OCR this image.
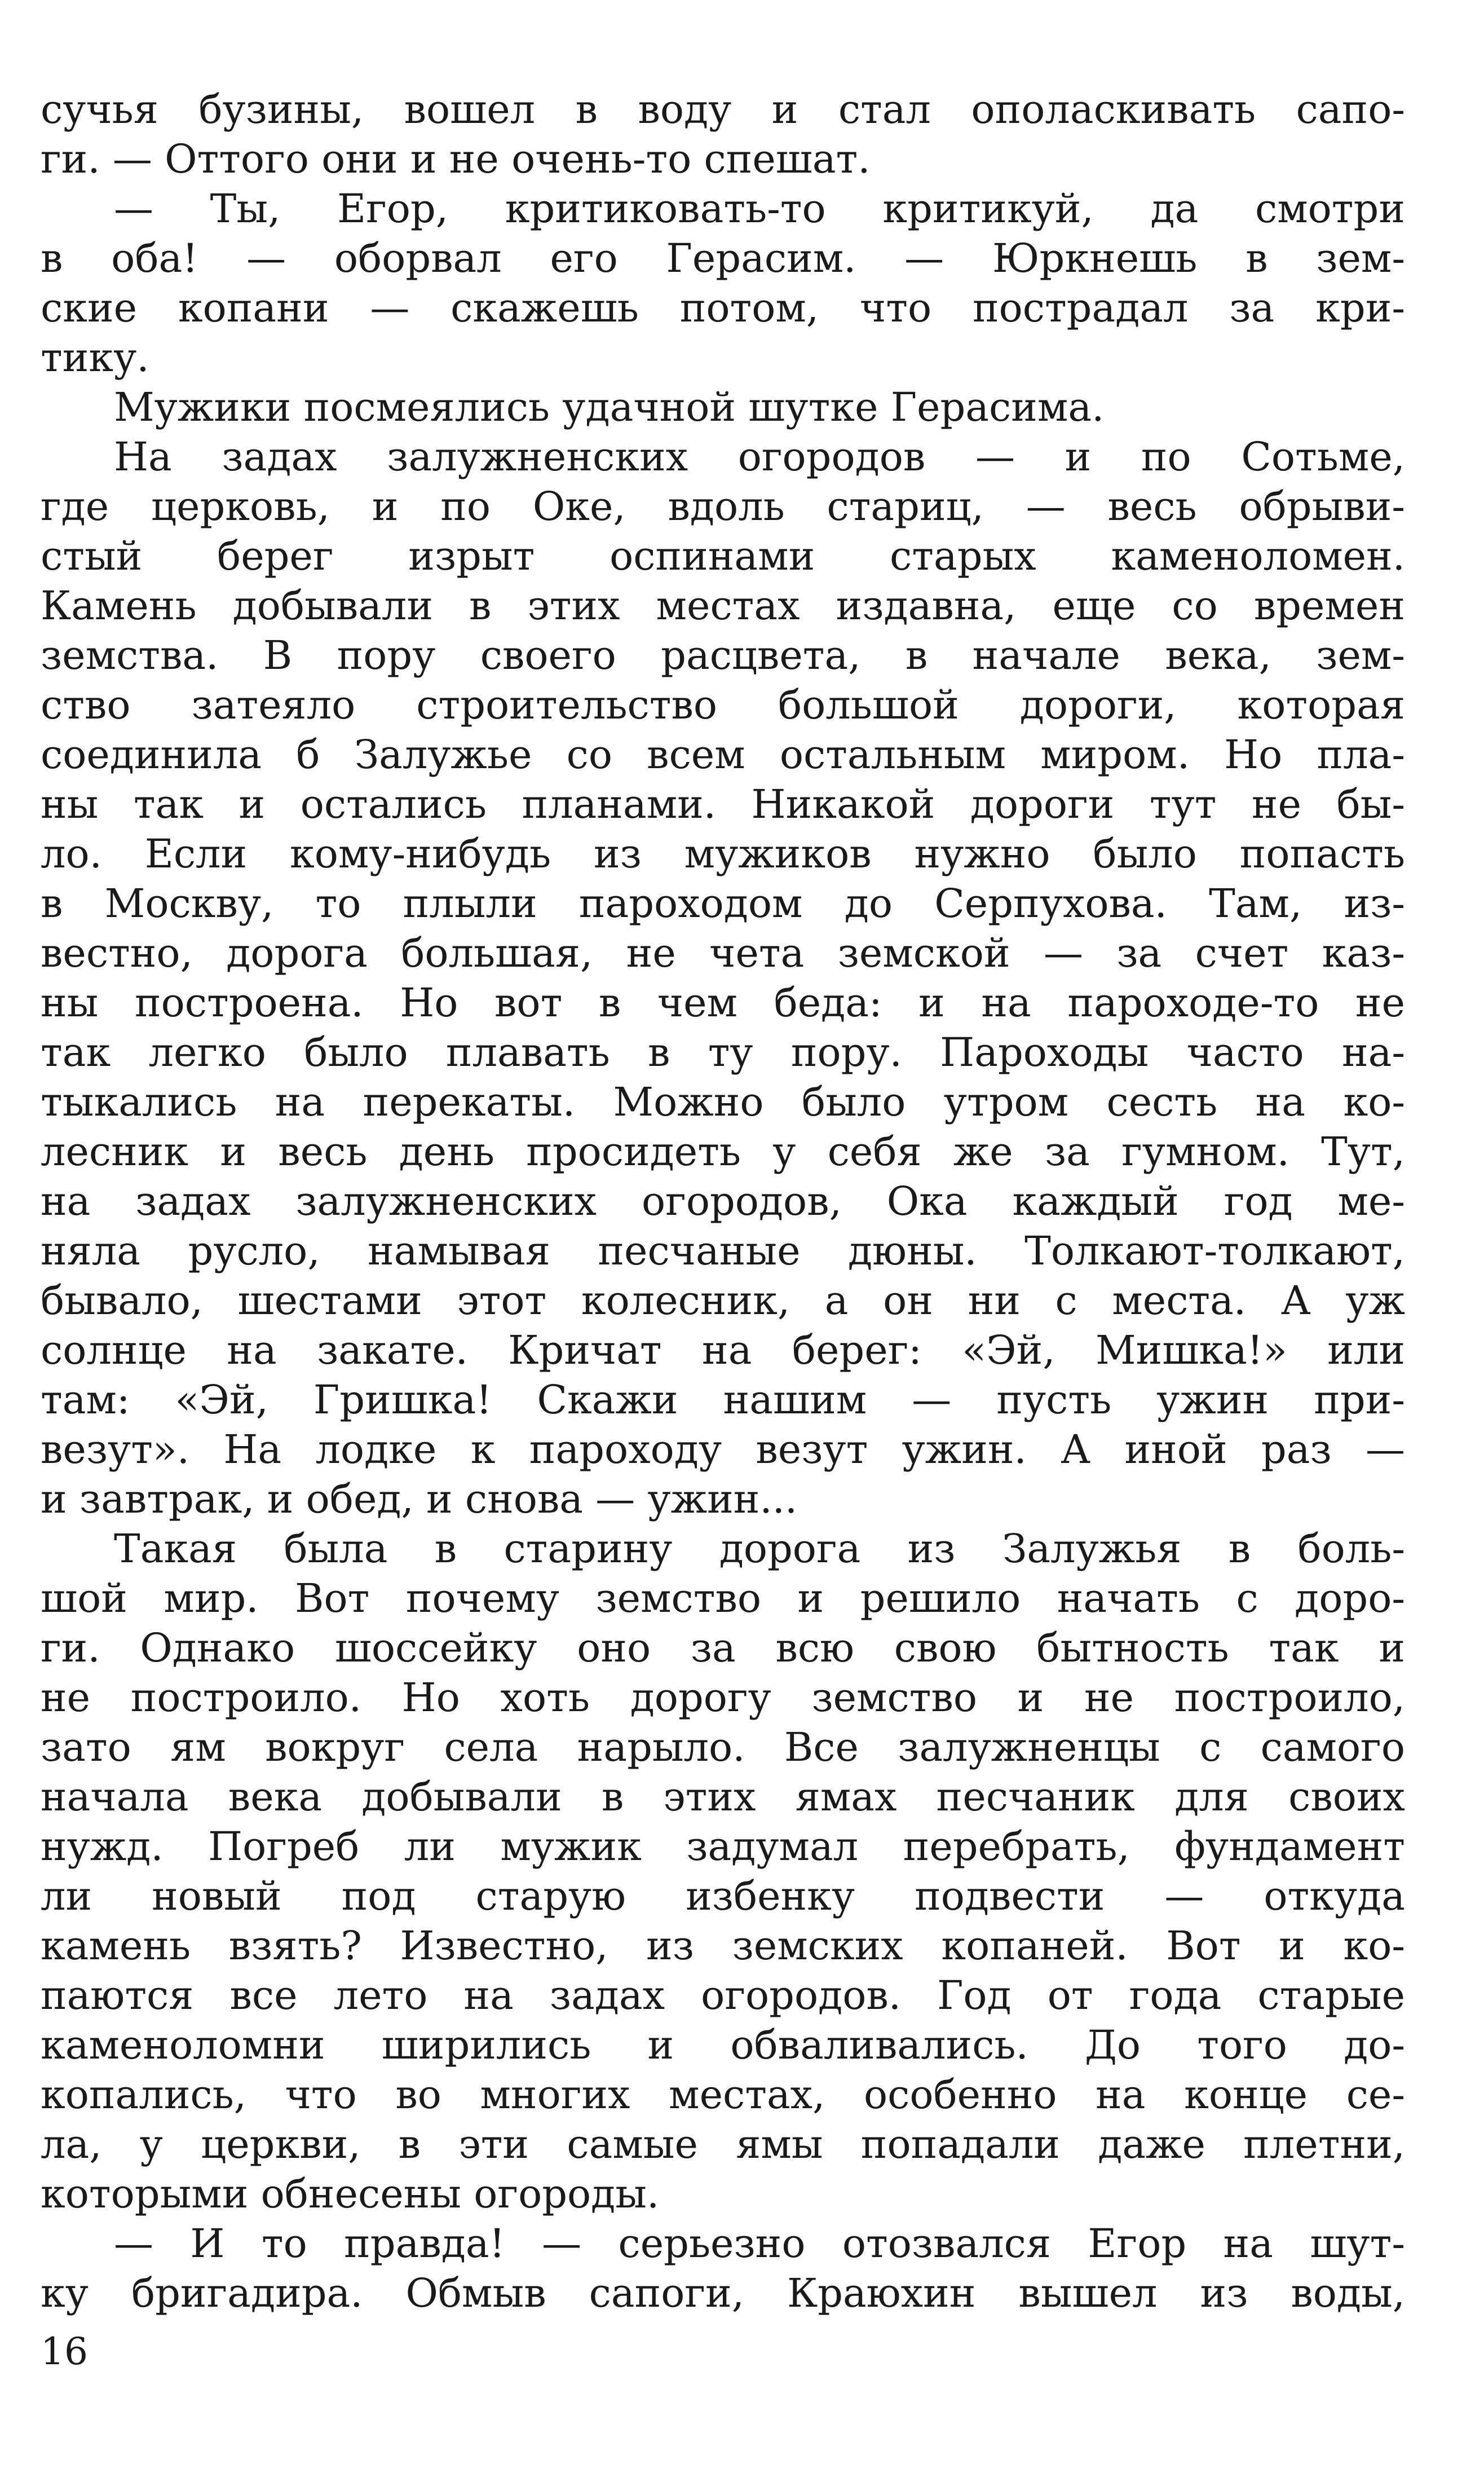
сучья бузины, вошел в воду и стал ополаскивать сапо-
ги. — Оттого они и не очень-то спешат.
— Ты, Егор, критиковать-то критикуй, да смотри
в оба! — оборвал его Герасим. — Юркнешь в зем-
ские копани — скажешь потом, что пострадал за кри-
тику.
Мужики посмеялись удачной шутке Герасима.
На задах залужненских огородов — и по Сотьме,
где церковь, и по Оке, вдоль стариц, — весь обрыви-
стый берег изрыт оспинами старых каменоломен.
Камень добывали в этих местах издавна, еще со времен
земства. В пору своего расцвета, в начале века, зем-
ство затеяло строительство большой дороги, которая
соединила б Залужье со всем остальным миром. Но пла-
ны так и остались планами. Никакой дороги тут не бы-
ло. Если кому-нибудь из мужиков нужно было попасть
в Москву, то плыли пароходом до Серпухова. Там, из-
вестно, дорога большая, не чета земской — за счет каз-
ны построена. Но вот в чем беда: и на пароходе-то не
так легко было плавать в ту пору. Пароходы часто на-
тыкались на перекаты. Можно было утром сесть на ко-
лесник и весь день просидеть у себя же за гумном. Тут,
на задах залужненских огородов, Ока каждый год ме-
няла русло, намывая песчаные дюны. Толкают-толкают,
бывало, шестами этот колесник, а он ни с места. А уж
солнце на закате. Кричат на берег: «Эй, Мишка!» или
там: «Эй, Гришка! Скажи нашим — пусть ужин при-
везут». На лодке к пароходу везут ужин. А иной раз —
и завтрак, и обед, и снова — ужин...
Такая была в старину дорога из Залужья в боль-
шой мир. Вот почему земство и решило начать с доро-
ги. Однако шоссейку оно за всю свою бытность так и
не построило. Но хоть дорогу земство и не построило,
зато ям вокруг села нарыло. Все залужненцы с самого
начала века добывали в этих ямах песчаник для своих
нужд. Погреб ли мужик задумал перебрать, фундамент
ли новый под старую избенку подвести — откуда
камень взять? Известно, из земских копаней. Вот и ко-
паются все лето на задах огородов. Год от года старые
каменоломни ширились и обваливались. До того до-
копались, что во многих местах, особенно на конце се-
ла, у церкви, в эти самые ямы попадали даже плетни,
которыми обнесены огороды.
— И то правда! — серьезно отозвался Егор на шут-
ку бригадира. Обмыв сапоги, Краюхин вышел из воды,
16
